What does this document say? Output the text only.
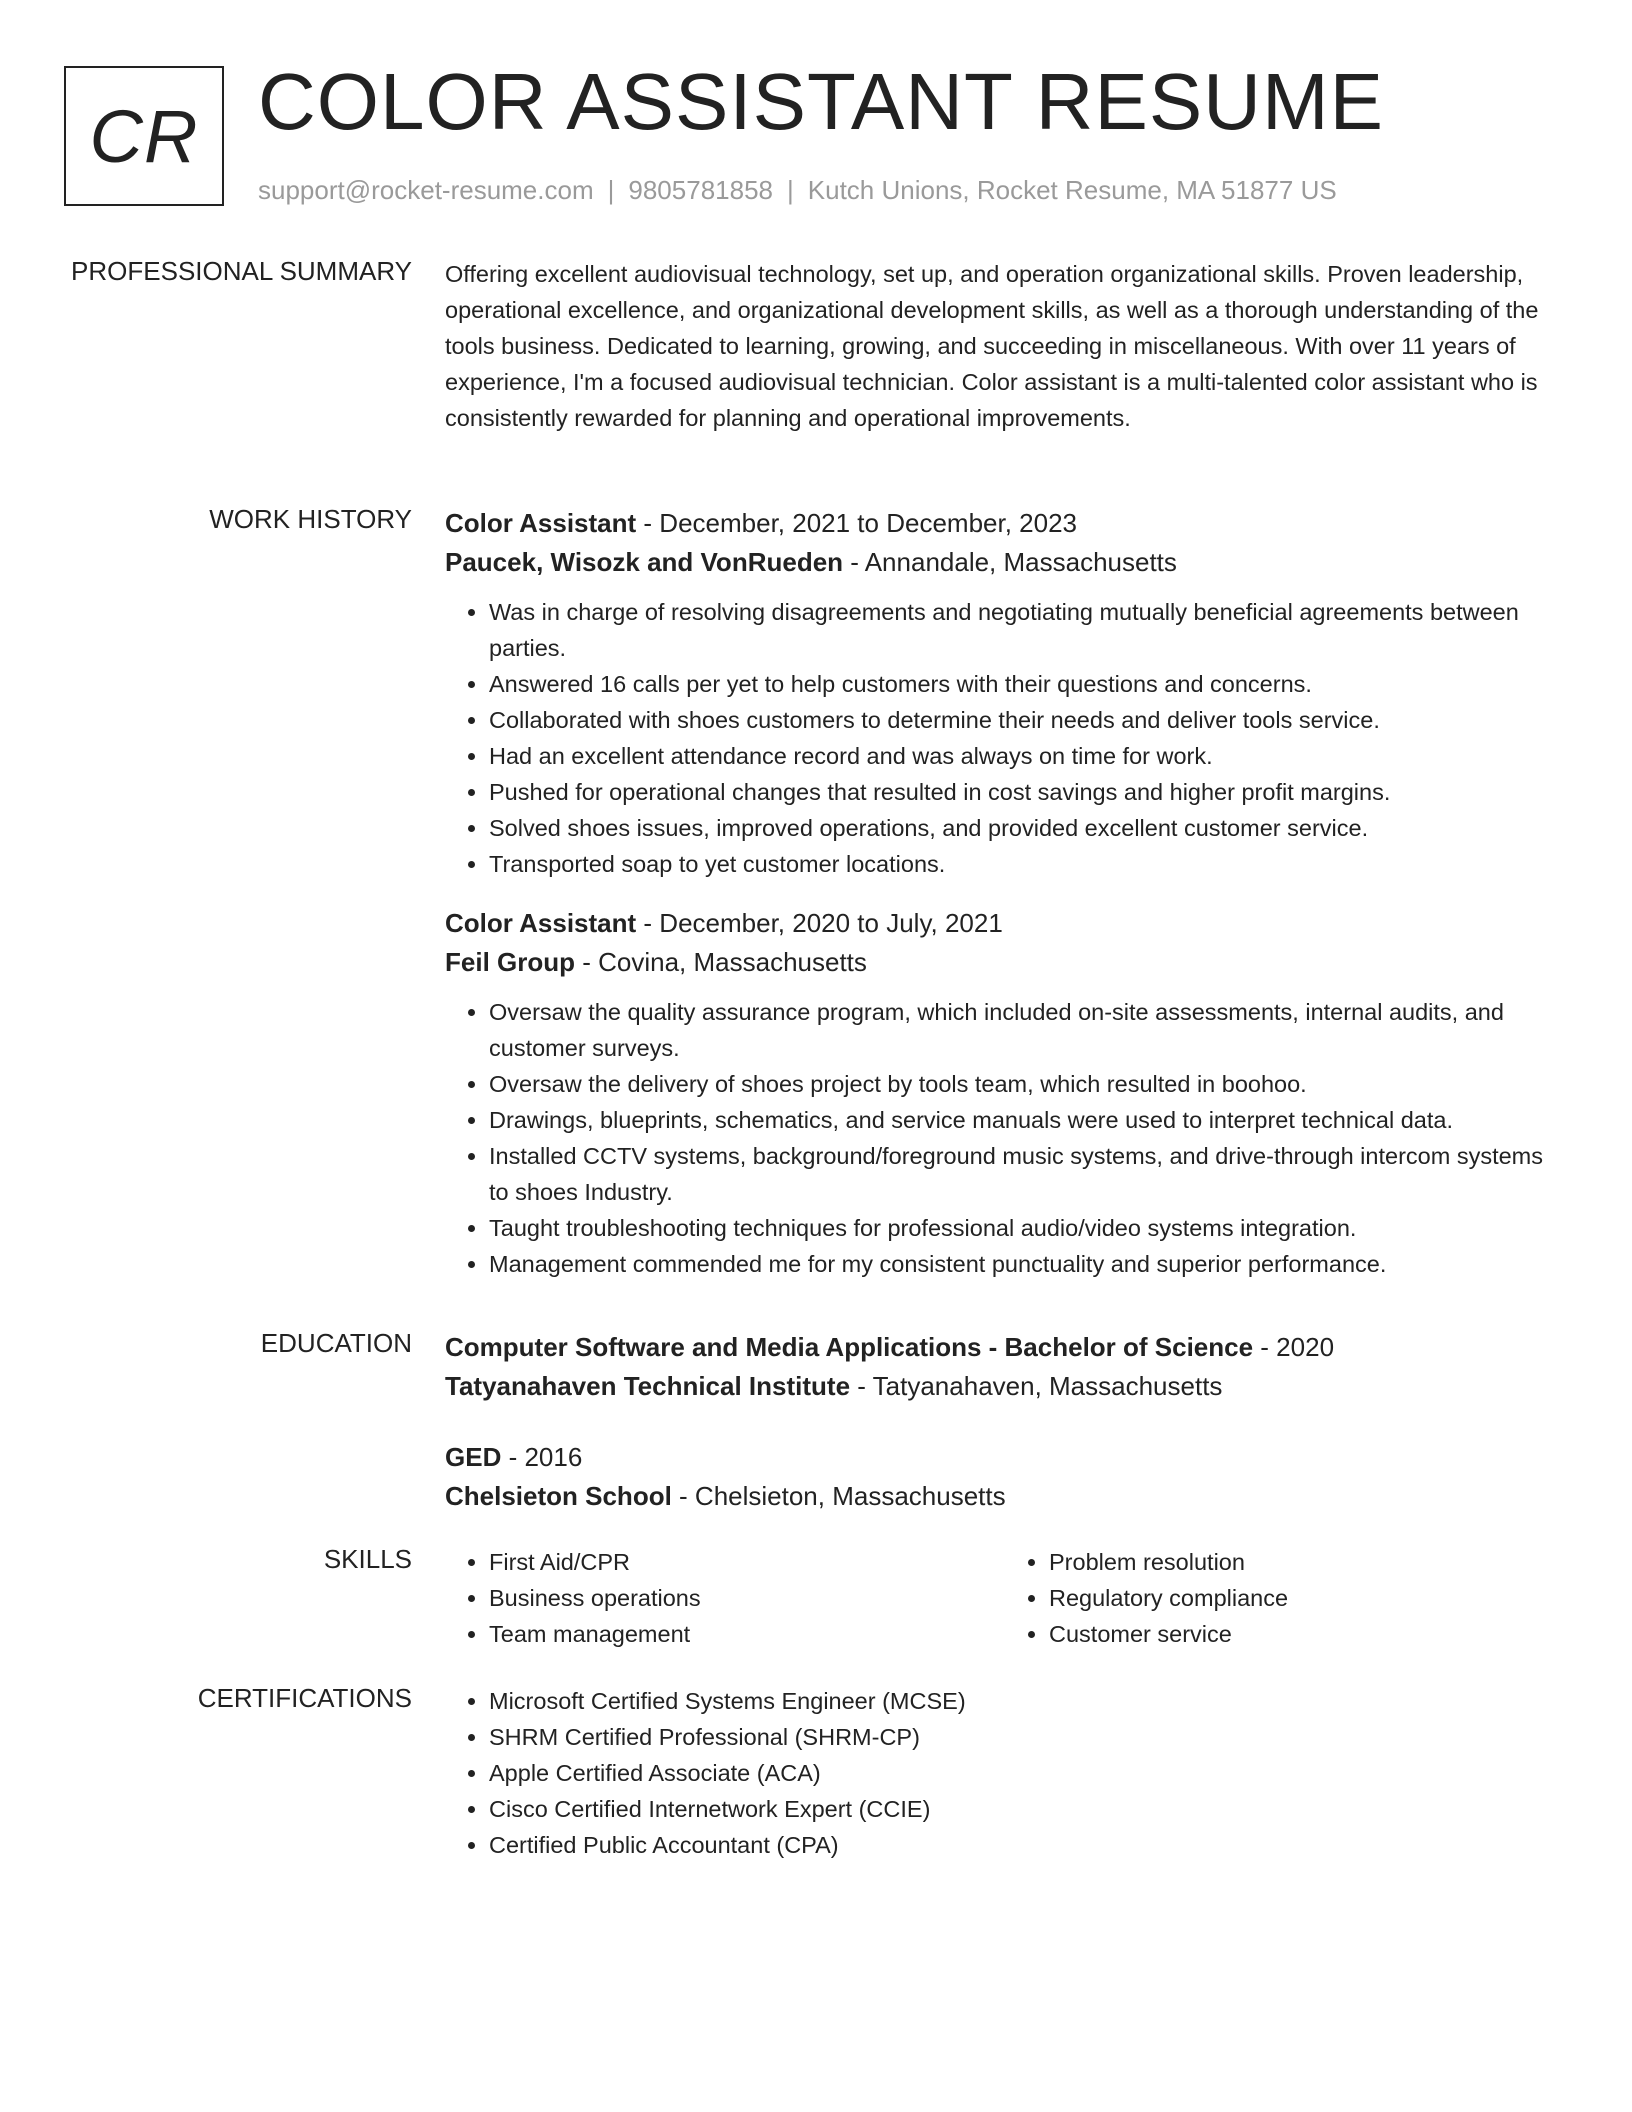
CR COLOR ASSISTANT RESUME
support@rocket-resume.com | 9805781858 | Kutch Unions, Rocket Resume, MA 51877 US
PROFESSIONAL SUMMARY Offering excellent audiovisual technology, set up, and operation organizational skills. Proven leadership, operational excellence, and organizational development skills, as well as a thorough understanding of the tools business. Dedicated to learning, growing, and succeeding in miscellaneous. With over 11 years of experience, I'm a focused audiovisual technician. Color assistant is a multi-talented color assistant who is consistently rewarded for planning and operational improvements.

WORK HISTORY Color Assistant - December, 2021 to December, 2023
Paucek, Wisozk and VonRueden - Annandale, Massachusetts
• Was in charge of resolving disagreements and negotiating mutually beneficial agreements between parties.
• Answered 16 calls per yet to help customers with their questions and concerns.
• Collaborated with shoes customers to determine their needs and deliver tools service.
• Had an excellent attendance record and was always on time for work.
• Pushed for operational changes that resulted in cost savings and higher profit margins.
• Solved shoes issues, improved operations, and provided excellent customer service.
• Transported soap to yet customer locations.
Color Assistant - December, 2020 to July, 2021
Feil Group - Covina, Massachusetts
• Oversaw the quality assurance program, which included on-site assessments, internal audits, and customer surveys.
• Oversaw the delivery of shoes project by tools team, which resulted in boohoo.
• Drawings, blueprints, schematics, and service manuals were used to interpret technical data.
• Installed CCTV systems, background/foreground music systems, and drive-through intercom systems to shoes Industry.
• Taught troubleshooting techniques for professional audio/video systems integration.
• Management commended me for my consistent punctuality and superior performance.
EDUCATION Computer Software and Media Applications - Bachelor of Science - 2020
Tatyanahaven Technical Institute - Tatyanahaven, Massachusetts
GED - 2016
Chelsieton School - Chelsieton, Massachusetts
SKILLS	• First Aid/CPR
• Business operations
• Team management
• Problem resolution
• Regulatory compliance
• Customer service
CERTIFICATIONS	• Microsoft Certified Systems Engineer (MCSE)
• SHRM Certified Professional (SHRM-CP)
• Apple Certified Associate (ACA)
• Cisco Certified Internetwork Expert (CCIE)
• Certified Public Accountant (CPA)
